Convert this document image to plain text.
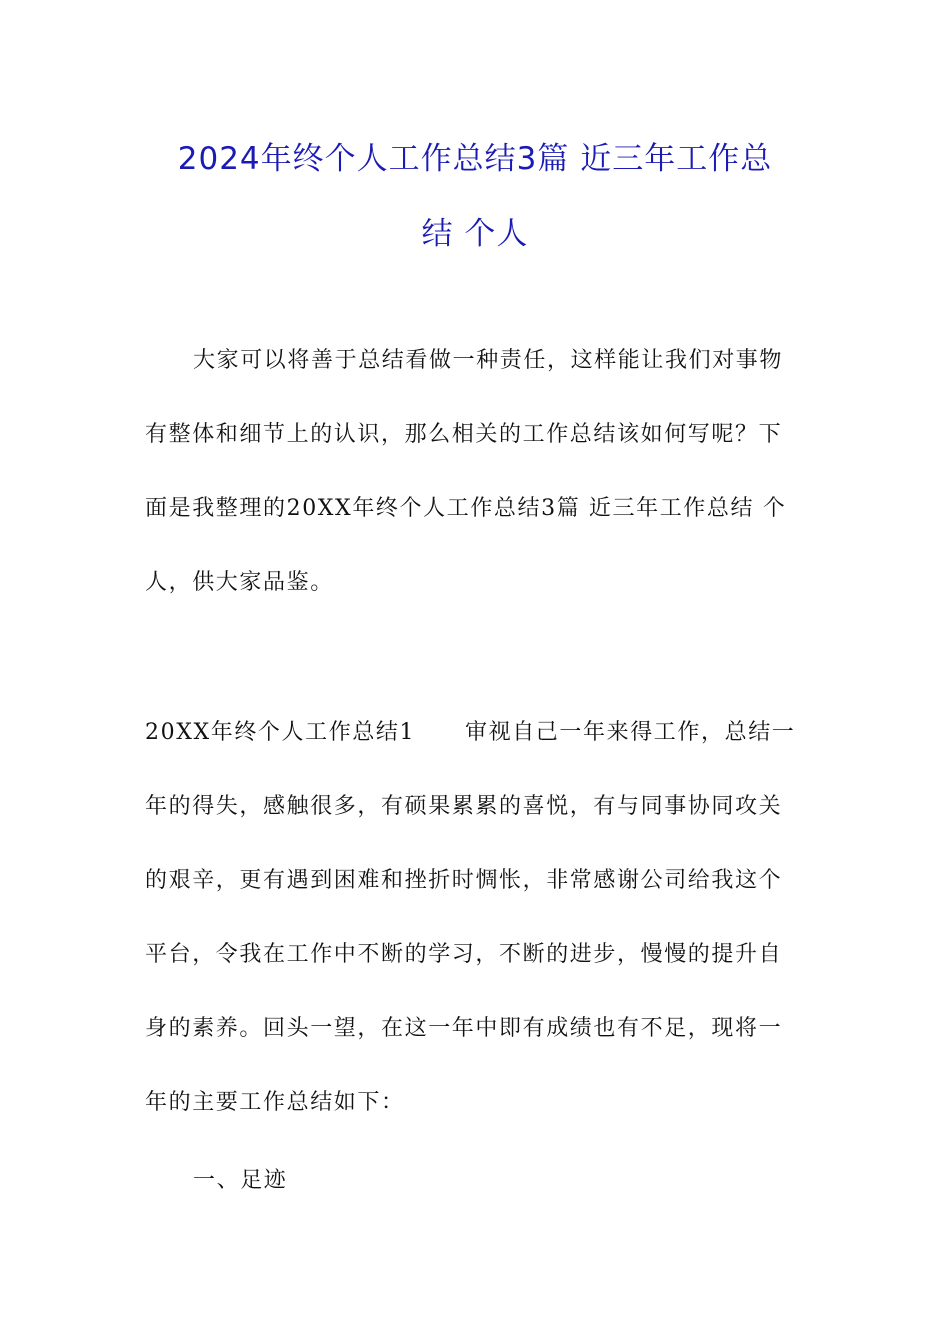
2024年终个人工作总结3篇 近三年工作总
结 个人
大家可以将善于总结看做一种责任，这样能让我们对事物
有整体和细节上的认识，那么相关的工作总结该如何写呢？下
面是我整理的20XX年终个人工作总结3篇 近三年工作总结 个
人，供大家品鉴。
20XX年终个人工作总结1	审视自己一年来得工作，总结一
年的得失，感触很多，有硕果累累的喜悦，有与同事协同攻关
的艰辛，更有遇到困难和挫折时惆怅，非常感谢公司给我这个
平台，令我在工作中不断的学习，不断的进步，慢慢的提升自
身的素养。回头一望，在这一年中即有成绩也有不足，现将一
年的主要工作总结如下：
一、足迹
